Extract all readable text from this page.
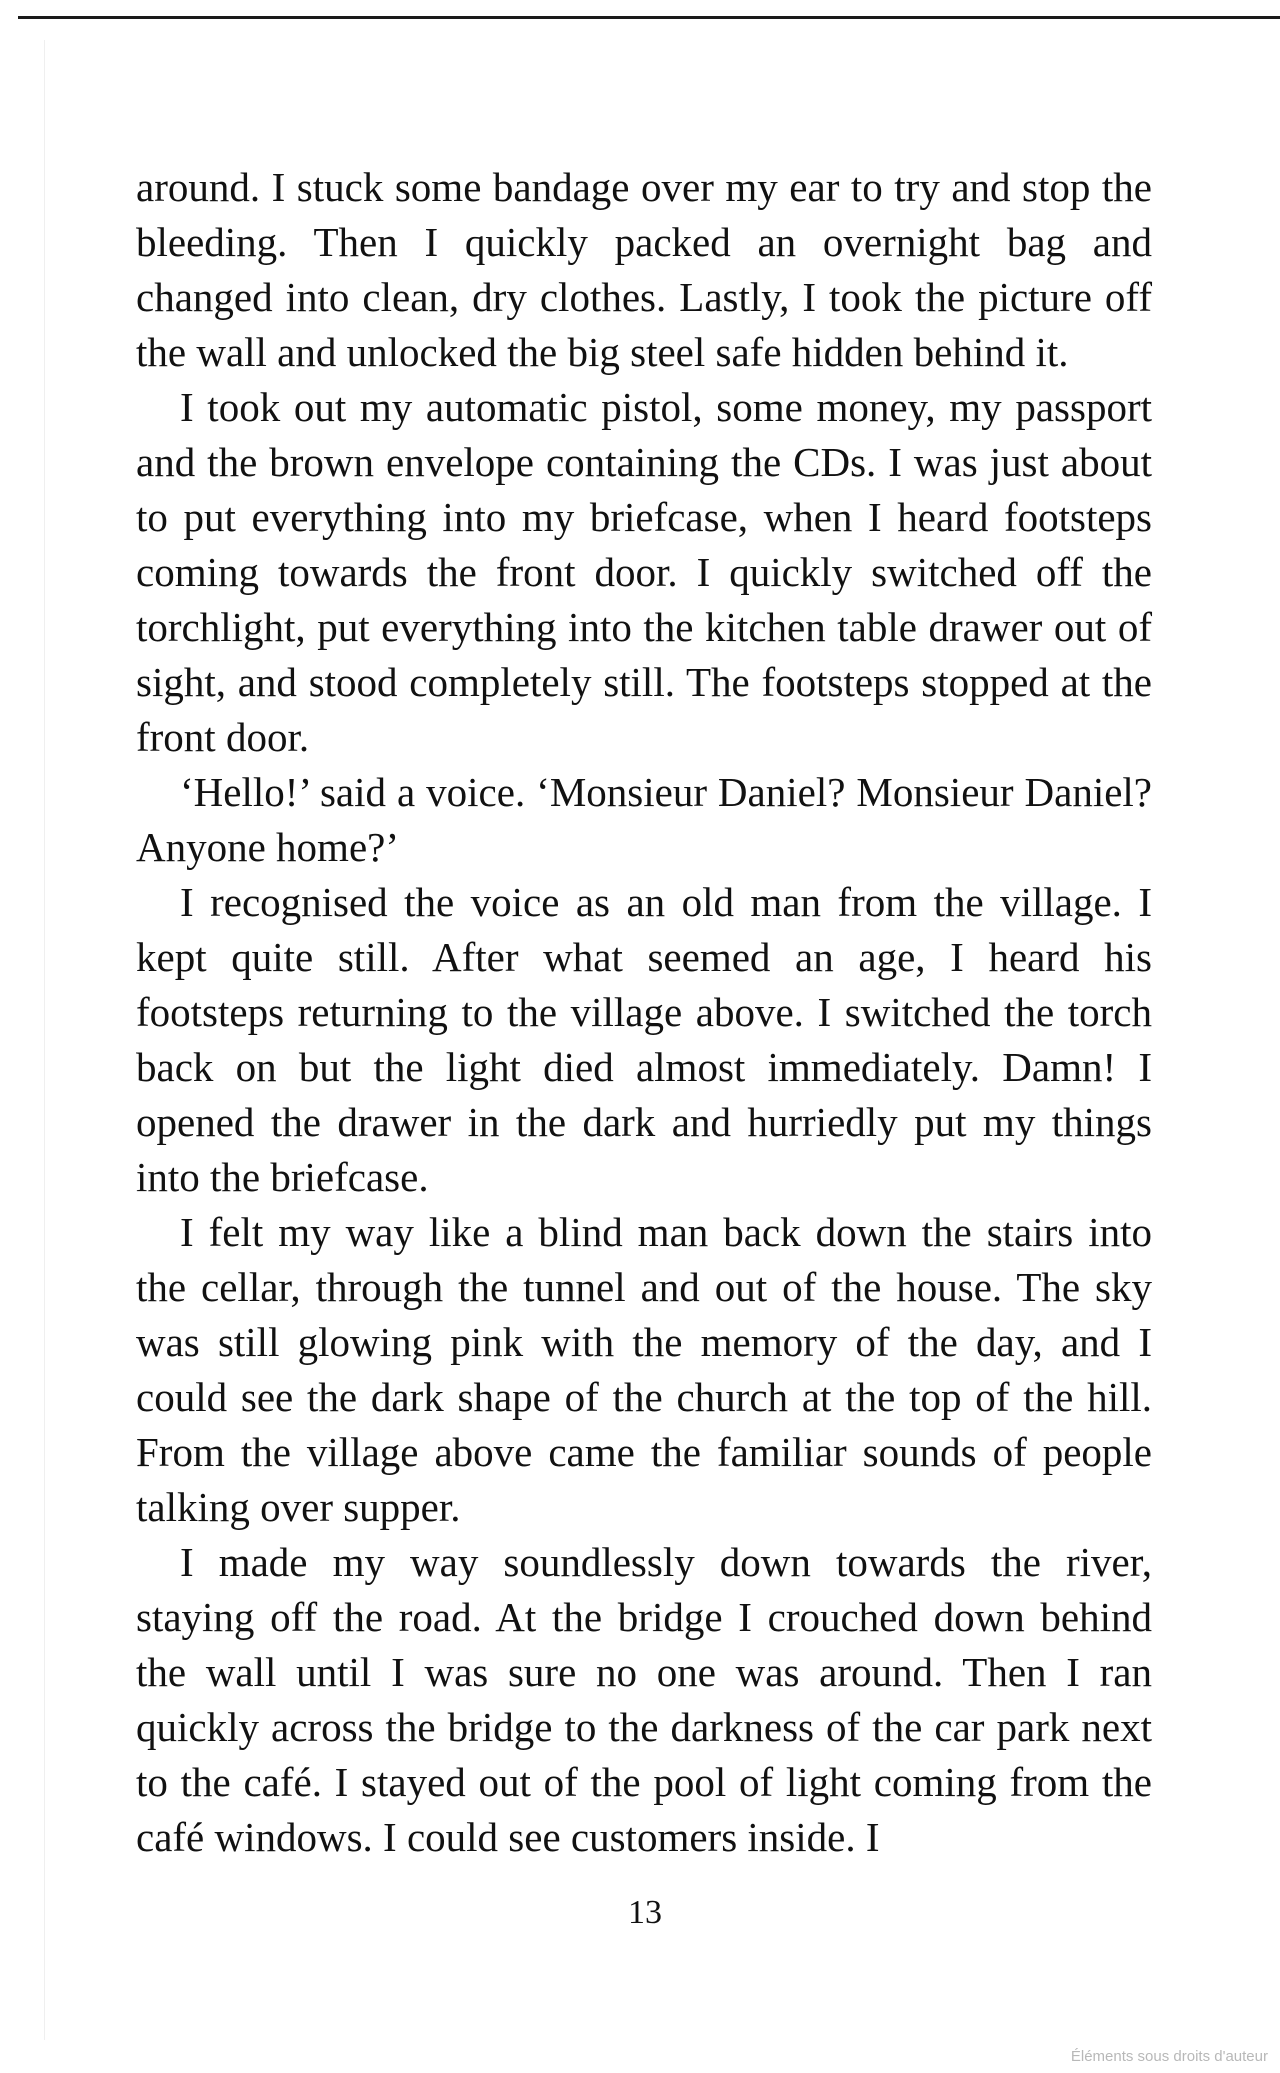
around. I stuck some bandage over my ear to try and stop the bleeding. Then I quickly packed an overnight bag and changed into clean, dry clothes. Lastly, I took the picture off the wall and unlocked the big steel safe hidden behind it.

I took out my automatic pistol, some money, my passport and the brown envelope containing the CDs. I was just about to put everything into my briefcase, when I heard footsteps coming towards the front door. I quickly switched off the torchlight, put everything into the kitchen table drawer out of sight, and stood completely still. The footsteps stopped at the front door.

‘Hello!’ said a voice. ‘Monsieur Daniel? Monsieur Daniel? Anyone home?’

I recognised the voice as an old man from the village. I kept quite still. After what seemed an age, I heard his footsteps returning to the village above. I switched the torch back on but the light died almost immediately. Damn! I opened the drawer in the dark and hurriedly put my things into the briefcase.

I felt my way like a blind man back down the stairs into the cellar, through the tunnel and out of the house. The sky was still glowing pink with the memory of the day, and I could see the dark shape of the church at the top of the hill. From the village above came the familiar sounds of people talking over supper.

I made my way soundlessly down towards the river, staying off the road. At the bridge I crouched down behind the wall until I was sure no one was around. Then I ran quickly across the bridge to the darkness of the car park next to the café. I stayed out of the pool of light coming from the café windows. I could see customers inside. I

13
Éléments sous droits d'auteur
